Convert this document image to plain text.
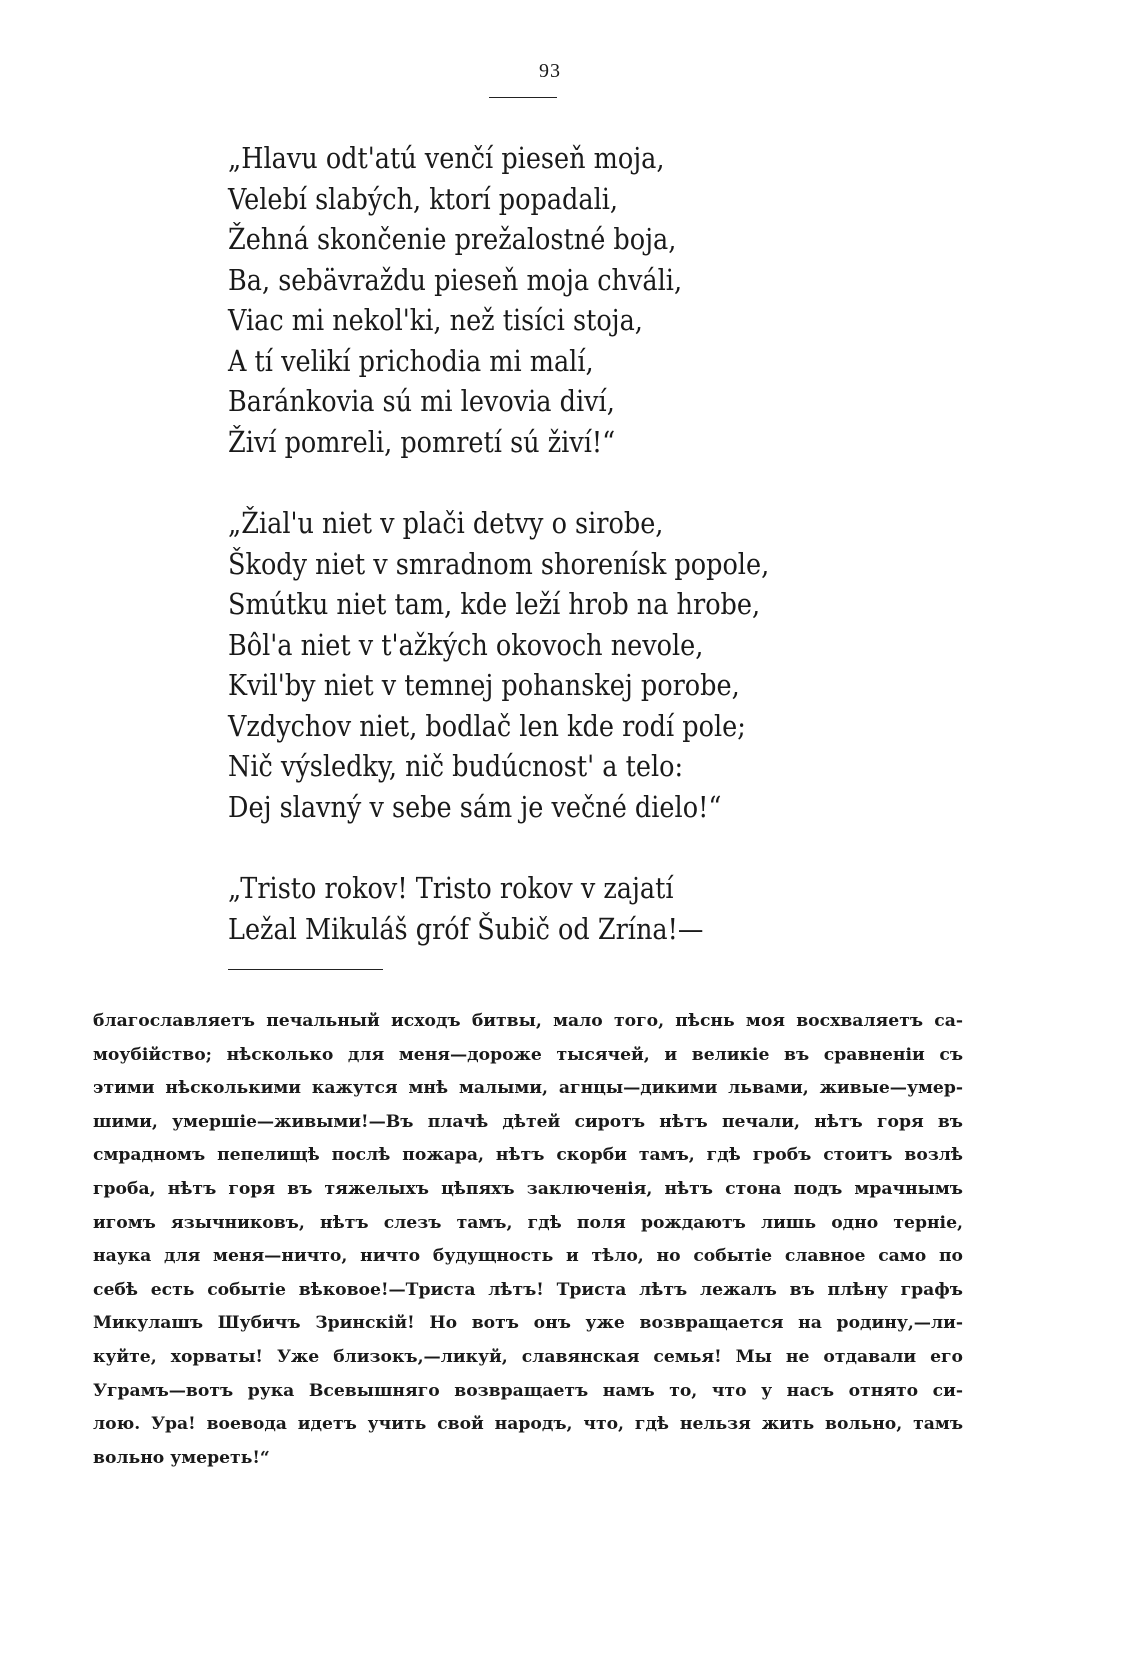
93
„Hlavu odt'atú venčí pieseň moja,
Velebí slabých, ktorí popadali,
Žehná skončenie prežalostné boja,
Ba, sebävraždu pieseň moja chváli,
Viac mi nekol'ki, než tisíci stoja,
A tí velikí prichodia mi malí,
Baránkovia sú mi levovia diví,
Živí pomreli, pomretí sú živí!“
„Žial'u niet v plači detvy o sirobe,
Škody niet v smradnom shorenísk popole,
Smútku niet tam, kde leží hrob na hrobe,
Bôl'a niet v t'ažkých okovoch nevole,
Kvil'by niet v temnej pohanskej porobe,
Vzdychov niet, bodlač len kde rodí pole;
Nič výsledky, nič budúcnost' a telo:
Dej slavný v sebe sám je večné dielo!“
„Tristo rokov! Tristo rokov v zajatí
Ležal Mikuláš gróf Šubič od Zrína!—
благославляетъ печальный исходъ битвы, мало того, пѣснь моя восхваляетъ са-
моубійство; нѣсколько для меня—дороже тысячей, и великіе въ сравненіи съ
этими нѣсколькими кажутся мнѣ малыми, агнцы—дикими львами, живые—умер-
шими, умершіе—живыми!—Въ плачѣ дѣтей сиротъ нѣтъ печали, нѣтъ горя въ
смрадномъ пепелищѣ послѣ пожара, нѣтъ скорби тамъ, гдѣ гробъ стоитъ возлѣ
гроба, нѣтъ горя въ тяжелыхъ цѣпяхъ заключенія, нѣтъ стона подъ мрачнымъ
игомъ язычниковъ, нѣтъ слезъ тамъ, гдѣ поля рождаютъ лишь одно терніе,
наука для меня—ничто, ничто будущность и тѣло, но событіе славное само по
себѣ есть событіе вѣковое!—Триста лѣтъ! Триста лѣтъ лежалъ въ плѣну графъ
Микулашъ Шубичъ Зринскій! Но вотъ онъ уже возвращается на родину,—ли-
куйте, хорваты! Уже близокъ,—ликуй, славянская семья! Мы не отдавали его
Уграмъ—вотъ рука Всевышняго возвращаетъ намъ то, что у насъ отнято си-
лою. Ура! воевода идетъ учить свой народъ, что, гдѣ нельзя жить вольно, тамъ
вольно умереть!“
